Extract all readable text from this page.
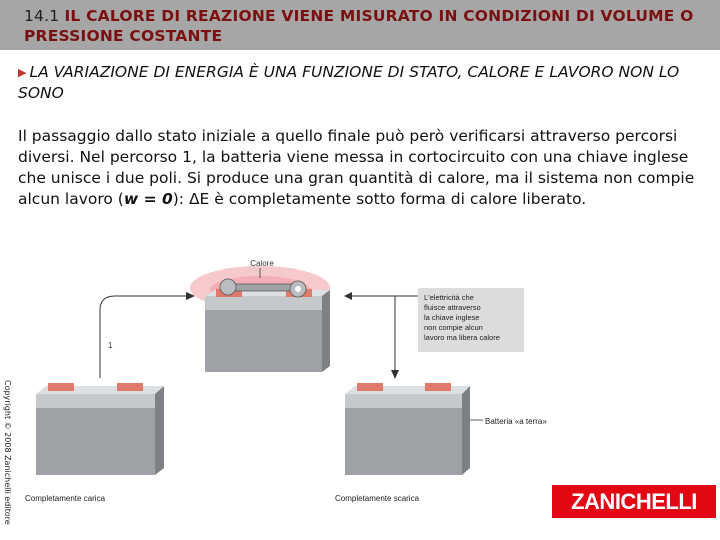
14.1 IL CALORE DI REAZIONE VIENE MISURATO IN CONDIZIONI DI VOLUME O PRESSIONE COSTANTE
▶ LA VARIAZIONE DI ENERGIA È UNA FUNZIONE DI STATO, CALORE E LAVORO NON LO SONO
Il passaggio dallo stato iniziale a quello finale può però verificarsi attraverso percorsi diversi. Nel percorso 1, la batteria viene messa in cortocircuito con una chiave inglese che unisce i due poli. Si produce una gran quantità di calore, ma il sistema non compie alcun lavoro (w = 0): ΔE è completamente sotto forma di calore liberato.
Calore
L'elettricità che fluisce attraverso la chiave inglese non compie alcun lavoro ma libera calore
1
Completamente carica	Completamente scarica
Batteria «a terra»
Copyright © 2008 Zanichelli editore	ZANICHELLI
